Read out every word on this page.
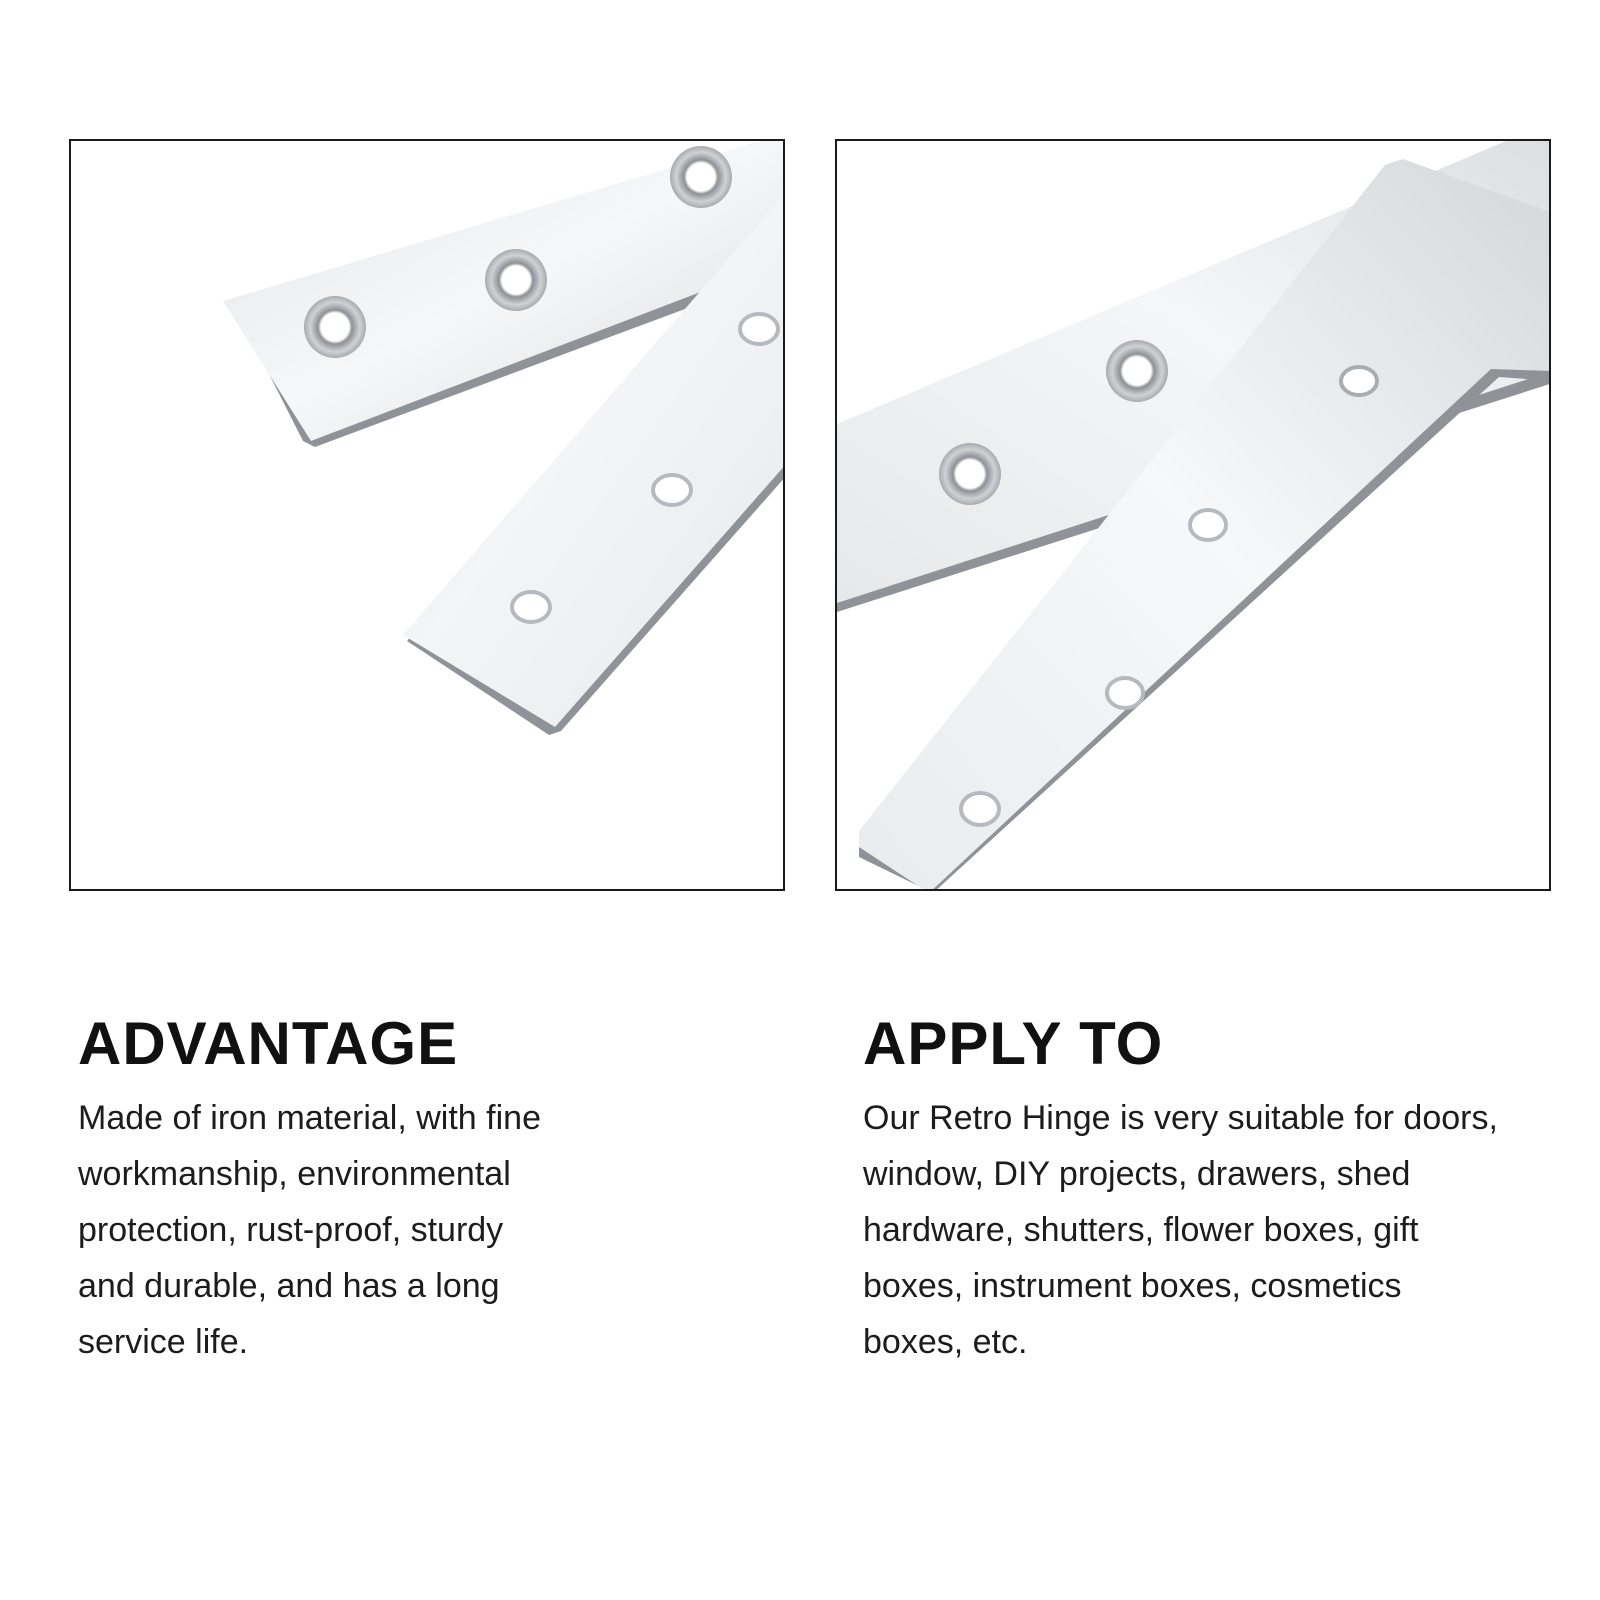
ADVANTAGE

Made of iron material, with fine
workmanship, environmental
protection, rust-proof, sturdy
and durable, and has a long
service life.

APPLY TO

Our Retro Hinge is very suitable for doors,
window, DIY projects, drawers, shed
hardware, shutters, flower boxes, gift
boxes, instrument boxes, cosmetics
boxes, etc.
